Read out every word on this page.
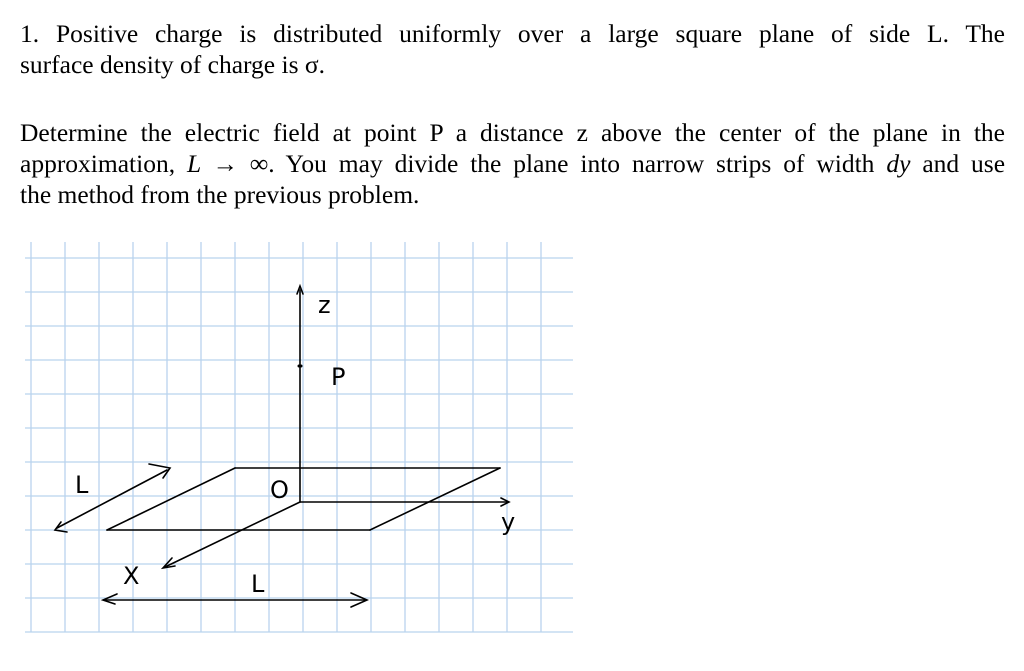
1. Positive charge is distributed uniformly over a large square plane of side L. The
surface density of charge is σ.
Determine the electric field at point P a distance z above the center of the plane in the
approximation, L → ∞. You may divide the plane into narrow strips of width dy and use
the method from the previous problem.
z
P
O
y
X
L
L
